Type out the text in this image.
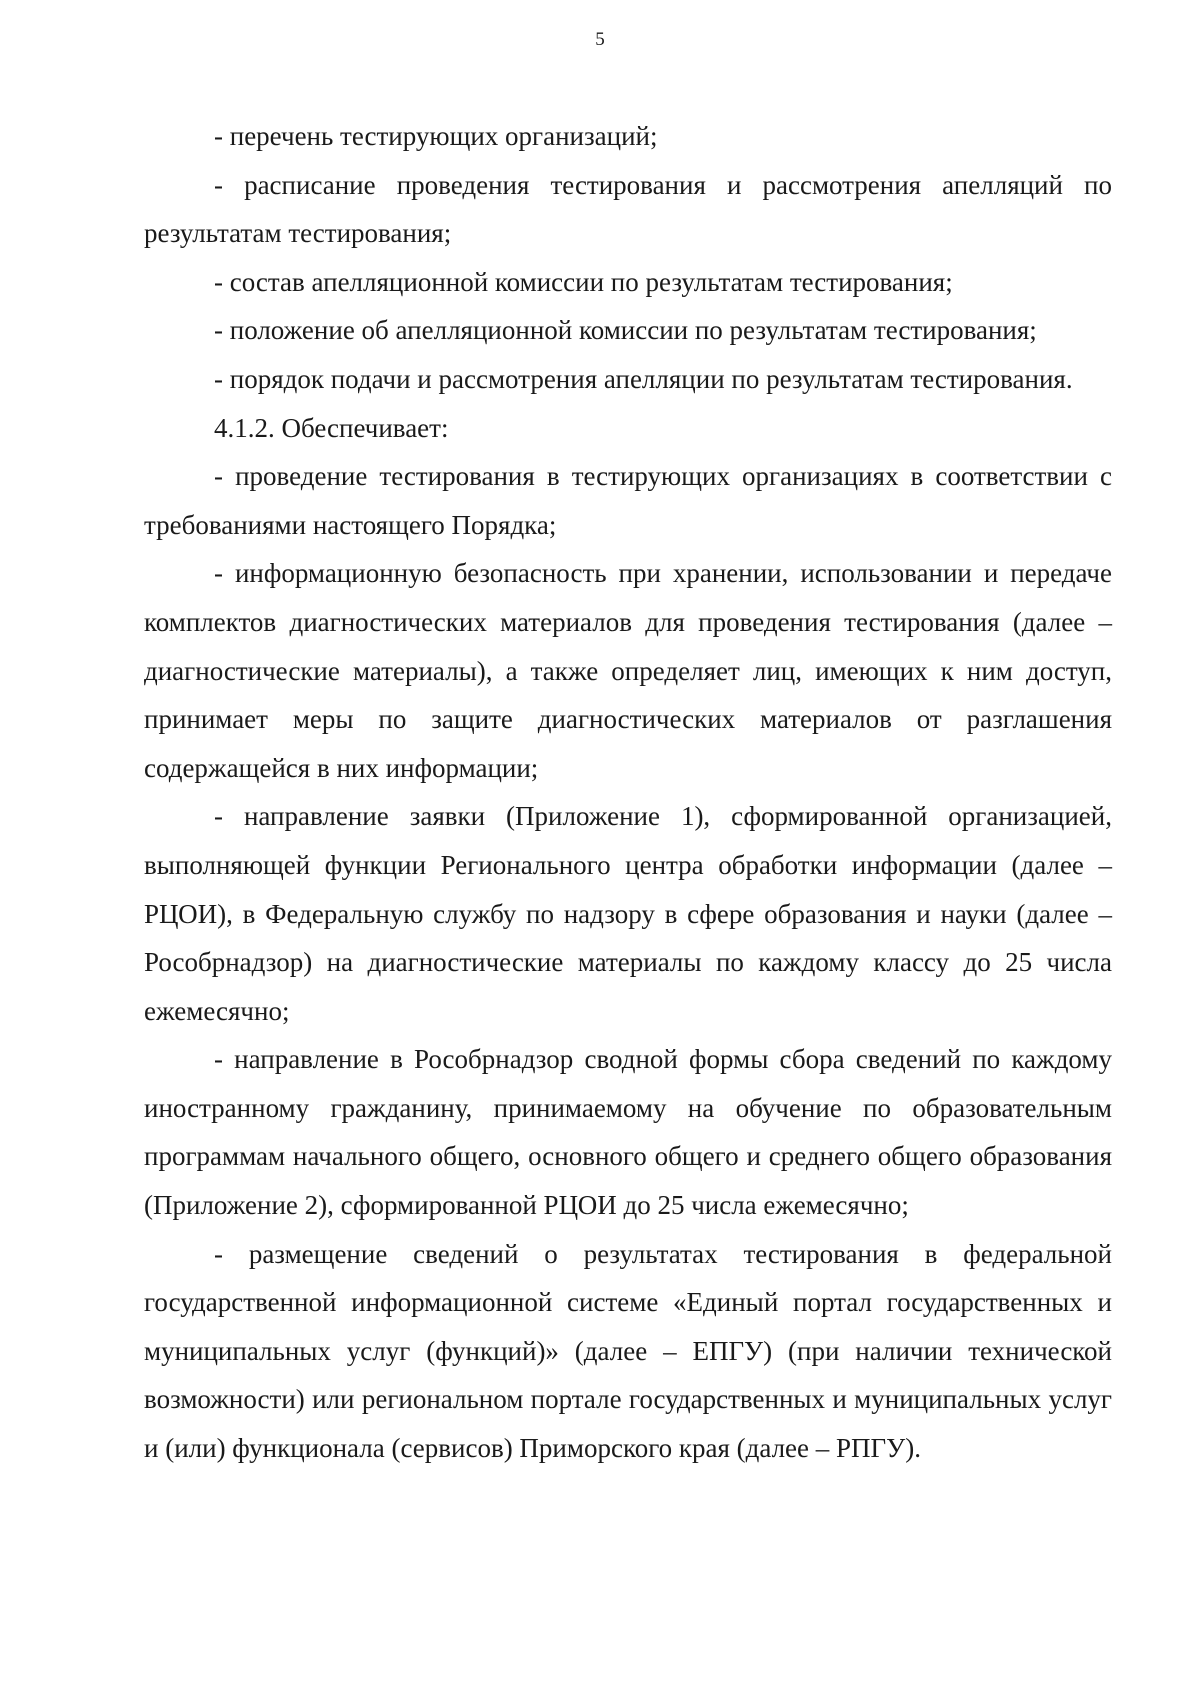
5

- перечень тестирующих организаций;

- расписание проведения тестирования и рассмотрения апелляций по результатам тестирования;

- состав апелляционной комиссии по результатам тестирования;

- положение об апелляционной комиссии по результатам тестирования;

- порядок подачи и рассмотрения апелляции по результатам тестирования.

4.1.2. Обеспечивает:

- проведение тестирования в тестирующих организациях в соответствии с требованиями настоящего Порядка;

- информационную безопасность при хранении, использовании и передаче комплектов диагностических материалов для проведения тестирования (далее – диагностические материалы), а также определяет лиц, имеющих к ним доступ, принимает меры по защите диагностических материалов от разглашения содержащейся в них информации;

- направление заявки (Приложение 1), сформированной организацией, выполняющей функции Регионального центра обработки информации (далее – РЦОИ), в Федеральную службу по надзору в сфере образования и науки (далее – Рособрнадзор) на диагностические материалы по каждому классу до 25 числа ежемесячно;

- направление в Рособрнадзор сводной формы сбора сведений по каждому иностранному гражданину, принимаемому на обучение по образовательным программам начального общего, основного общего и среднего общего образования (Приложение 2), сформированной РЦОИ до 25 числа ежемесячно;

- размещение сведений о результатах тестирования в федеральной государственной информационной системе «Единый портал государственных и муниципальных услуг (функций)» (далее – ЕПГУ) (при наличии технической возможности) или региональном портале государственных и муниципальных услуг и (или) функционала (сервисов) Приморского края (далее – РПГУ).
